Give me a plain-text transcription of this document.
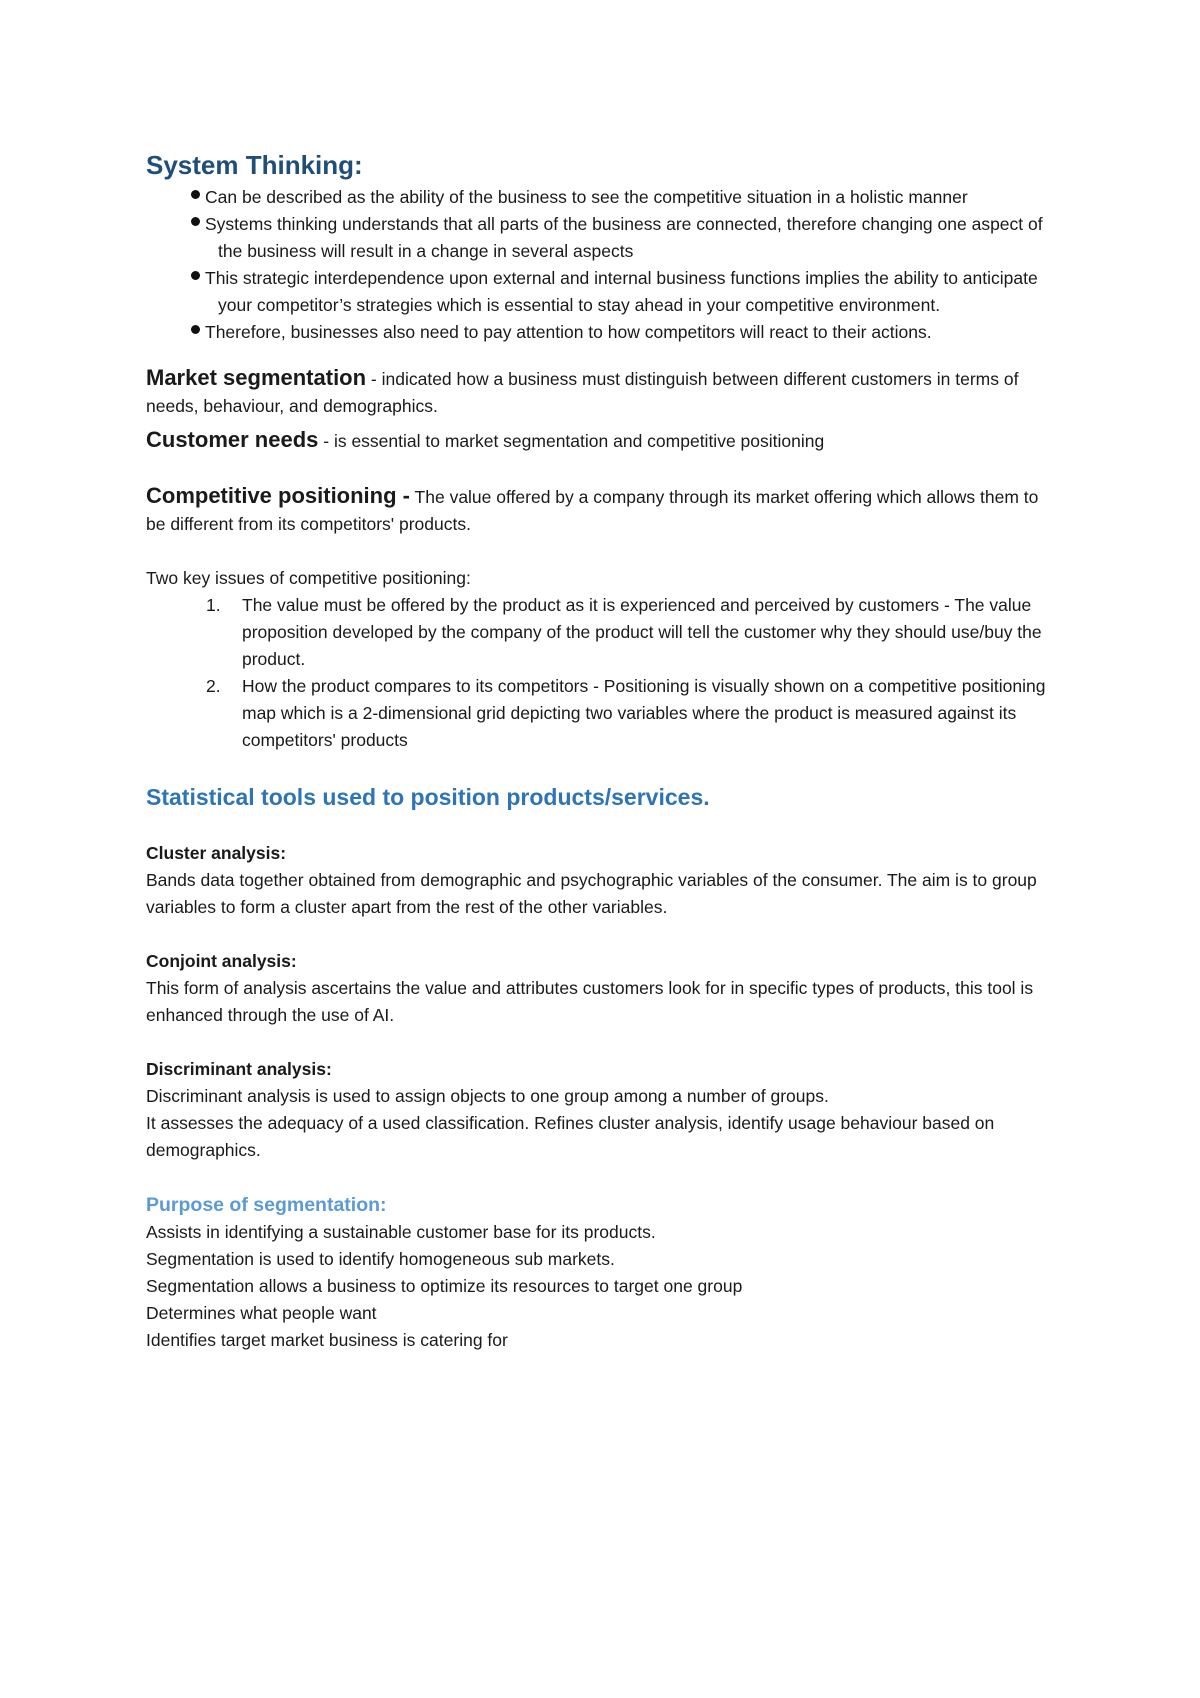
System Thinking:
Can be described as the ability of the business to see the competitive situation in a holistic manner
Systems thinking understands that all parts of the business are connected, therefore changing one aspect of the business will result in a change in several aspects
This strategic interdependence upon external and internal business functions implies the ability to anticipate your competitor’s strategies which is essential to stay ahead in your competitive environment.
Therefore, businesses also need to pay attention to how competitors will react to their actions.

Market segmentation - indicated how a business must distinguish between different customers in terms of needs, behaviour, and demographics.

Customer needs - is essential to market segmentation and competitive positioning

Competitive positioning - The value offered by a company through its market offering which allows them to be different from its competitors' products.

Two key issues of competitive positioning:

1. The value must be offered by the product as it is experienced and perceived by customers - The value proposition developed by the company of the product will tell the customer why they should use/buy the product.
2. How the product compares to its competitors - Positioning is visually shown on a competitive positioning map which is a 2-dimensional grid depicting two variables where the product is measured against its competitors' products
Statistical tools used to position products/services.

Cluster analysis:

Bands data together obtained from demographic and psychographic variables of the consumer. The aim is to group variables to form a cluster apart from the rest of the other variables.

Conjoint analysis:

This form of analysis ascertains the value and attributes customers look for in specific types of products, this tool is enhanced through the use of AI.

Discriminant analysis:

Discriminant analysis is used to assign objects to one group among a number of groups.

It assesses the adequacy of a used classification. Refines cluster analysis, identify usage behaviour based on demographics.

Purpose of segmentation:

Assists in identifying a sustainable customer base for its products.

Segmentation is used to identify homogeneous sub markets.

Segmentation allows a business to optimize its resources to target one group

Determines what people want

Identifies target market business is catering for
